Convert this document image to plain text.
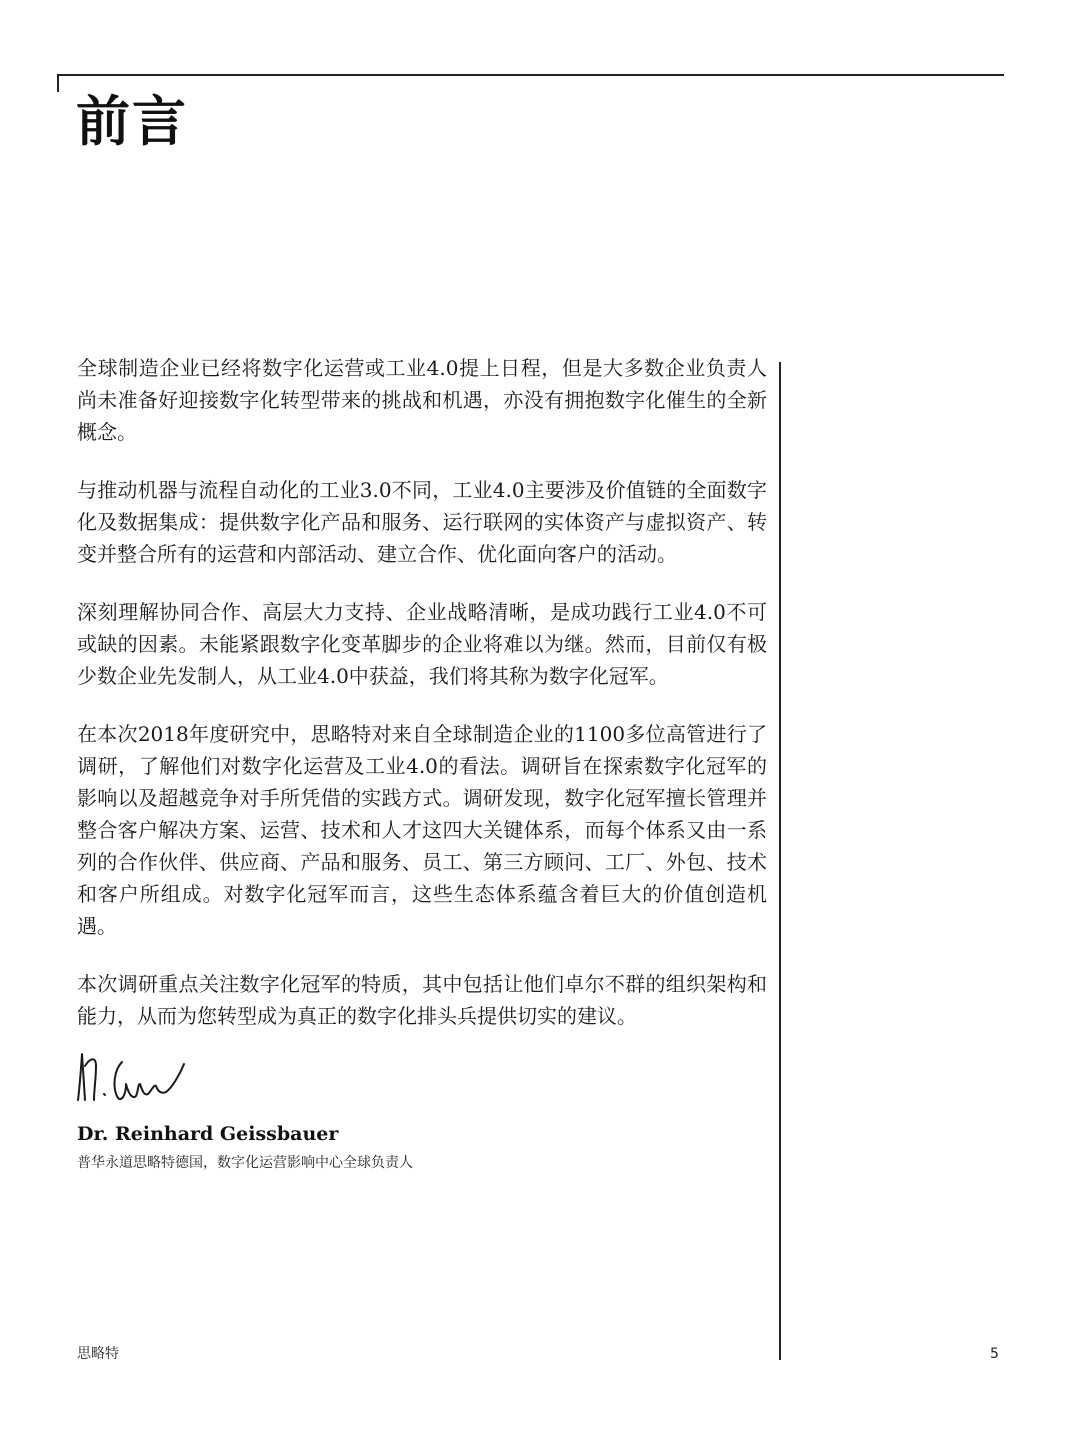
前言

全球制造企业已经将数字化运营或工业4.0提上日程，但是大多数企业负责人尚未准备好迎接数字化转型带来的挑战和机遇，亦没有拥抱数字化催生的全新概念。

与推动机器与流程自动化的工业3.0不同，工业4.0主要涉及价值链的全面数字化及数据集成：提供数字化产品和服务、运行联网的实体资产与虚拟资产、转变并整合所有的运营和内部活动、建立合作、优化面向客户的活动。

深刻理解协同合作、高层大力支持、企业战略清晰，是成功践行工业4.0不可或缺的因素。未能紧跟数字化变革脚步的企业将难以为继。然而，目前仅有极少数企业先发制人，从工业4.0中获益，我们将其称为数字化冠军。

在本次2018年度研究中，思略特对来自全球制造企业的1100多位高管进行了调研，了解他们对数字化运营及工业4.0的看法。调研旨在探索数字化冠军的影响以及超越竞争对手所凭借的实践方式。调研发现，数字化冠军擅长管理并整合客户解决方案、运营、技术和人才这四大关键体系，而每个体系又由一系列的合作伙伴、供应商、产品和服务、员工、第三方顾问、工厂、外包、技术和客户所组成。对数字化冠军而言，这些生态体系蕴含着巨大的价值创造机遇。

本次调研重点关注数字化冠军的特质，其中包括让他们卓尔不群的组织架构和能力，从而为您转型成为真正的数字化排头兵提供切实的建议。

Dr. Reinhard Geissbauer

普华永道思略特德国，数字化运营影响中心全球负责人

思略特	5
